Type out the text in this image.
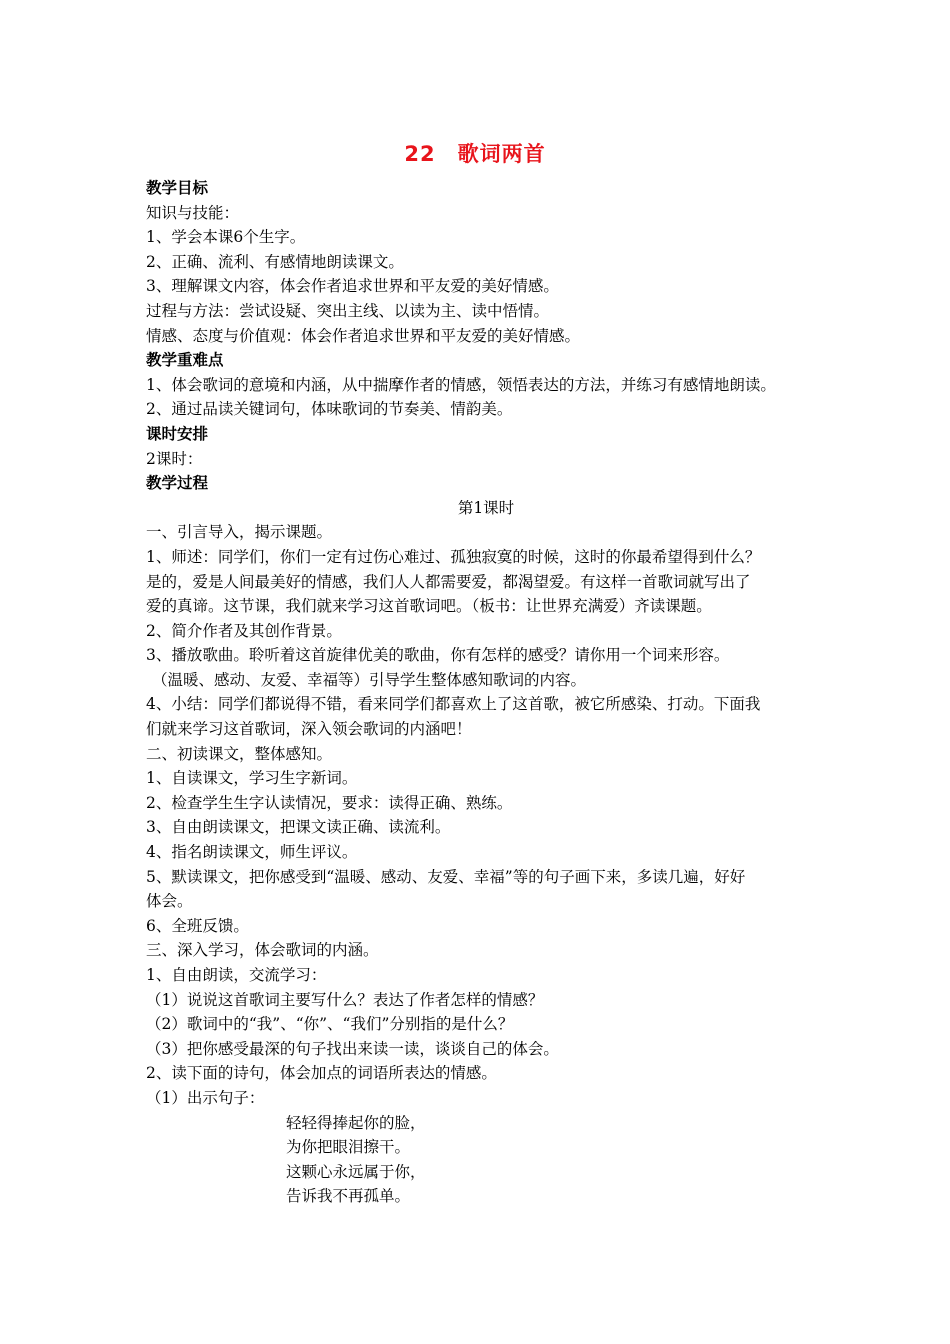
22　歌词两首
教学目标
知识与技能：
1、学会本课6个生字。
2、正确、流利、有感情地朗读课文。
3、理解课文内容，体会作者追求世界和平友爱的美好情感。
过程与方法：尝试设疑、突出主线、以读为主、读中悟情。
情感、态度与价值观：体会作者追求世界和平友爱的美好情感。
教学重难点
1、体会歌词的意境和内涵，从中揣摩作者的情感，领悟表达的方法，并练习有感情地朗读。
2、通过品读关键词句，体味歌词的节奏美、情韵美。
课时安排
2课时：
教学过程
第1课时
一、引言导入，揭示课题。
1、师述：同学们，你们一定有过伤心难过、孤独寂寞的时候，这时的你最希望得到什么？
是的，爱是人间最美好的情感，我们人人都需要爱，都渴望爱。有这样一首歌词就写出了
爱的真谛。这节课，我们就来学习这首歌词吧。（板书：让世界充满爱）齐读课题。
2、简介作者及其创作背景。
3、播放歌曲。聆听着这首旋律优美的歌曲，你有怎样的感受？请你用一个词来形容。
（温暖、感动、友爱、幸福等）引导学生整体感知歌词的内容。
4、小结：同学们都说得不错，看来同学们都喜欢上了这首歌，被它所感染、打动。下面我
们就来学习这首歌词，深入领会歌词的内涵吧！
二、初读课文，整体感知。
1、自读课文，学习生字新词。
2、检查学生生字认读情况，要求：读得正确、熟练。
3、自由朗读课文，把课文读正确、读流利。
4、指名朗读课文，师生评议。
5、默读课文，把你感受到“温暖、感动、友爱、幸福”等的句子画下来，多读几遍，好好
体会。
6、全班反馈。
三、深入学习，体会歌词的内涵。
1、自由朗读，交流学习：
（1）说说这首歌词主要写什么？表达了作者怎样的情感？
（2）歌词中的“我”、“你”、“我们”分别指的是什么？
（3）把你感受最深的句子找出来读一读，谈谈自己的体会。
2、读下面的诗句，体会加点的词语所表达的情感。
（1）出示句子：
轻轻得捧起你的脸，
为你把眼泪擦干。
这颗心永远属于你，
告诉我不再孤单。
